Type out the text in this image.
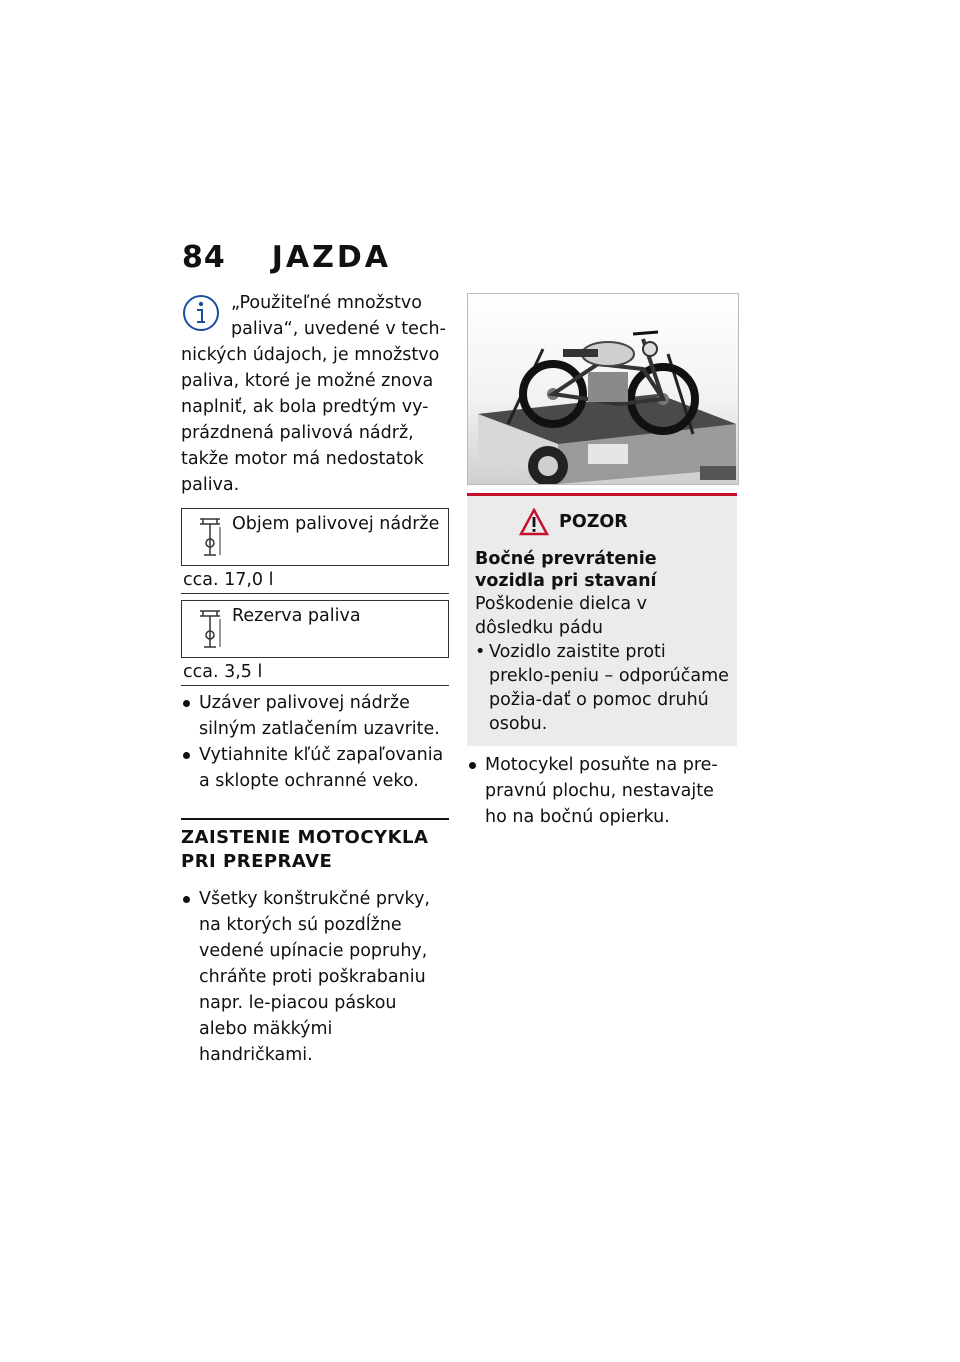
84 JAZDA
„Použiteľné množstvo
paliva“, uvedené v tech-
nických údajoch, je množstvo paliva, ktoré je možné znova naplniť, ak bola predtým vy-prázdnená palivová nádrž, takže motor má nedostatok paliva.
Objem palivovej nádrže
cca. 17,0 l
Rezerva paliva
cca. 3,5 l
Uzáver palivovej nádrže silným zatlačením uzavrite.
Vytiahnite kľúč zapaľovania a sklopte ochranné veko.
ZAISTENIE MOTOCYKLA PRI PREPRAVE
Všetky konštrukčné prvky, na ktorých sú pozdĺžne vedené upínacie popruhy, chráňte proti poškrabaniu napr. le-piacou páskou alebo mäkkými handričkami.
POZOR
Bočné prevrátenie vozidla pri stavaní
Poškodenie dielca v dôsledku pádu
• Vozidlo zaistite proti preklo-peniu – odporúčame požia-dať o pomoc druhú osobu.
Motocykel posuňte na pre-pravnú plochu, nestavajte ho na bočnú opierku.
